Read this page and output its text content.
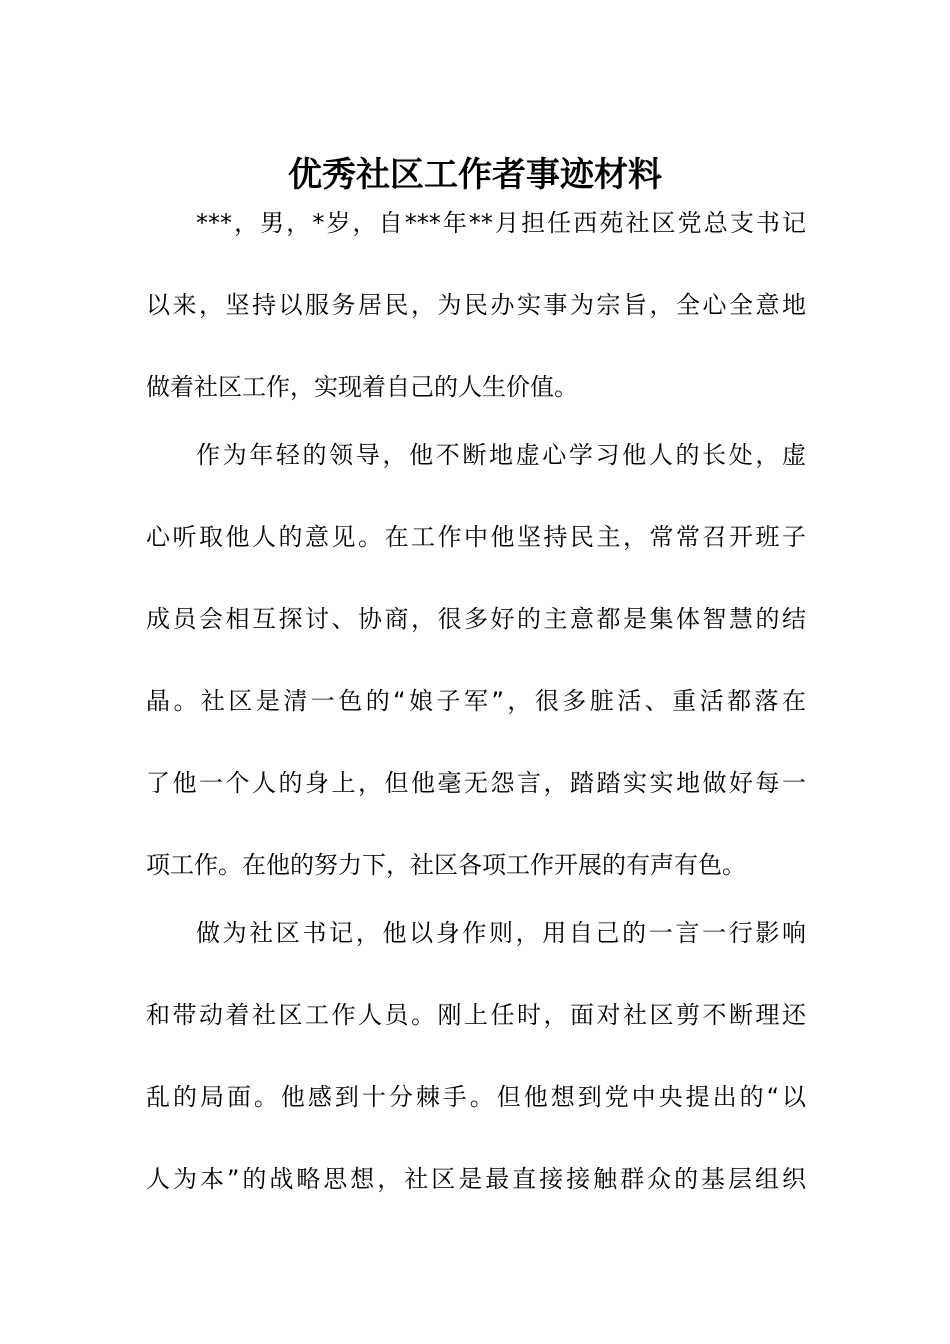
优秀社区工作者事迹材料
***，男，*岁，自***年**月担任西苑社区党总支书记
以来，坚持以服务居民，为民办实事为宗旨，全心全意地
做着社区工作，实现着自己的人生价值。
作为年轻的领导，他不断地虚心学习他人的长处，虚
心听取他人的意见。在工作中他坚持民主，常常召开班子
成员会相互探讨、协商，很多好的主意都是集体智慧的结
晶。社区是清一色的“娘子军”，很多脏活、重活都落在
了他一个人的身上，但他毫无怨言，踏踏实实地做好每一
项工作。在他的努力下，社区各项工作开展的有声有色。
做为社区书记，他以身作则，用自己的一言一行影响
和带动着社区工作人员。刚上任时，面对社区剪不断理还
乱的局面。他感到十分棘手。但他想到党中央提出的“以
人为本”的战略思想，社区是最直接接触群众的基层组织
